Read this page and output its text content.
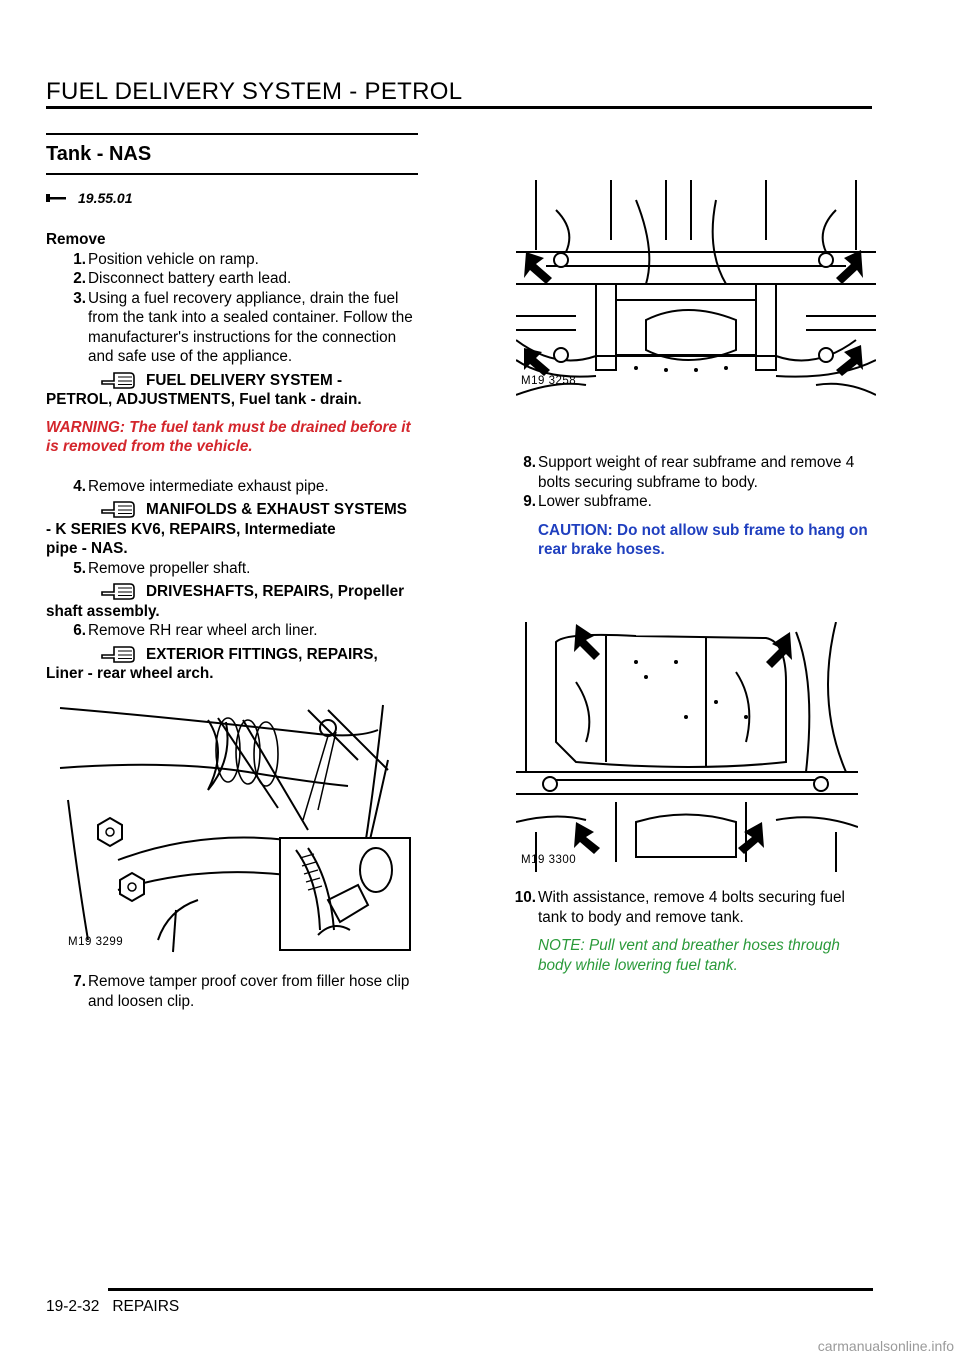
FUEL DELIVERY SYSTEM - PETROL
Tank - NAS
19.55.01

Remove

1. Position vehicle on ramp.
2. Disconnect battery earth lead.
3. Using a fuel recovery appliance, drain the fuel from the tank into a sealed container. Follow the manufacturer's instructions for the connection and safe use of the appliance.
FUEL DELIVERY SYSTEM -
PETROL, ADJUSTMENTS, Fuel tank - drain.

WARNING: The fuel tank must be drained before it is removed from the vehicle.

4. Remove intermediate exhaust pipe.
MANIFOLDS & EXHAUST SYSTEMS
- K SERIES KV6, REPAIRS, Intermediate
pipe - NAS.
5. Remove propeller shaft.
DRIVESHAFTS, REPAIRS, Propeller
shaft assembly.
6. Remove RH rear wheel arch liner.
EXTERIOR FITTINGS, REPAIRS,
Liner - rear wheel arch.
M19 3299
7. Remove tamper proof cover from filler hose clip and loosen clip.
M19 3258
8. Support weight of rear subframe and remove 4 bolts securing subframe to body.
9. Lower subframe.

CAUTION: Do not allow sub frame to hang on rear brake hoses.

M19 3300
10. With assistance, remove 4 bolts securing fuel tank to body and remove tank.

NOTE: Pull vent and breather hoses through body while lowering fuel tank.

19-2-32 REPAIRS
carmanualsonline.info
